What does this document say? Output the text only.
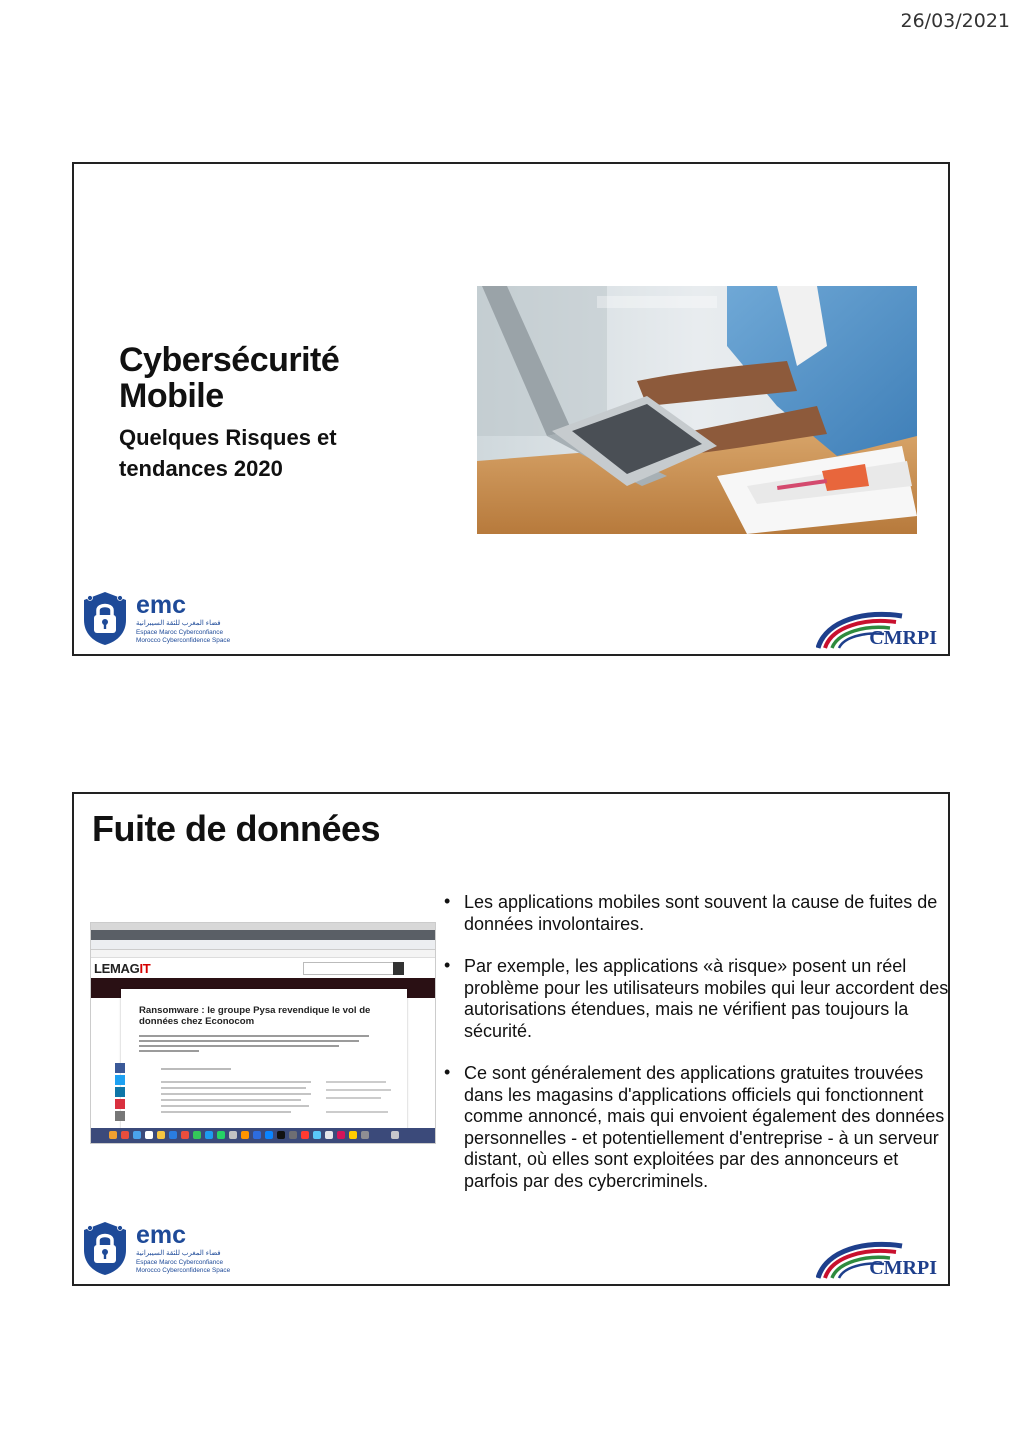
26/03/2021
Cybersécurité Mobile
Quelques Risques et tendances 2020
emc
فضاء المغرب للثقة السيبرانية
Espace Maroc Cyberconfiance
Morocco Cyberconfidence Space	CMRPI
Fuite de données
LEMAGIT
Ransomware : le groupe Pysa revendique le vol de données chez Econocom
• Les applications mobiles sont souvent la cause de fuites de données involontaires.
• Par exemple, les applications «à risque» posent un réel problème pour les utilisateurs mobiles qui leur accordent des autorisations étendues, mais ne vérifient pas toujours la sécurité.
• Ce sont généralement des applications gratuites trouvées dans les magasins d'applications officiels qui fonctionnent comme annoncé, mais qui envoient également des données personnelles - et potentiellement d'entreprise - à un serveur distant, où elles sont exploitées par des annonceurs et parfois par des cybercriminels.
emc
فضاء المغرب للثقة السيبرانية
Espace Maroc Cyberconfiance
Morocco Cyberconfidence Space	CMRPI
